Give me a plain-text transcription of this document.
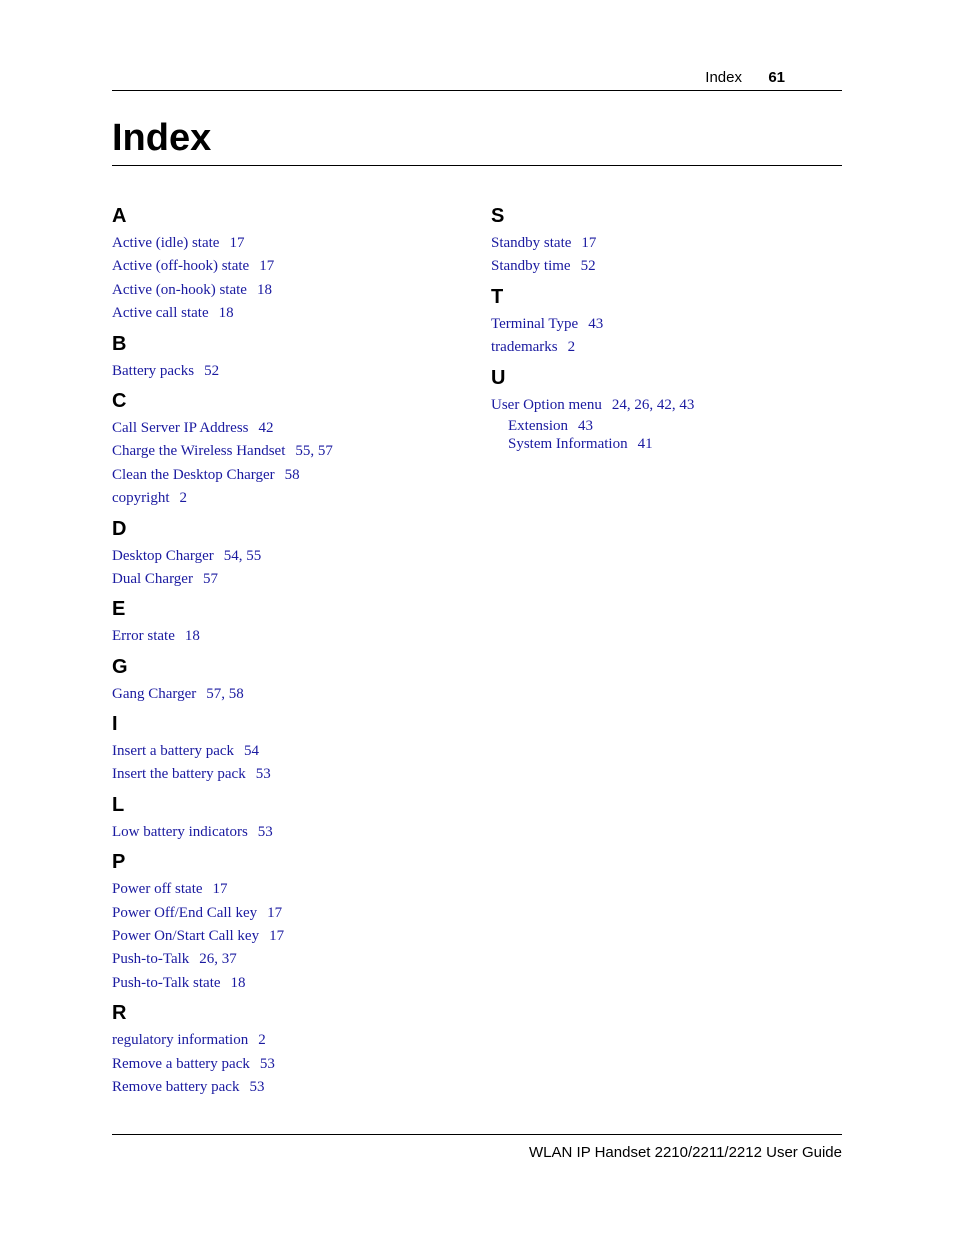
Index 61
Index
A
Active (idle) state 17
Active (off-hook) state 17
Active (on-hook) state 18
Active call state 18
B
Battery packs 52
C
Call Server IP Address 42
Charge the Wireless Handset 55, 57
Clean the Desktop Charger 58
copyright 2
D
Desktop Charger 54, 55
Dual Charger 57
E
Error state 18
G
Gang Charger 57, 58
I
Insert a battery pack 54
Insert the battery pack 53
L
Low battery indicators 53
P
Power off state 17
Power Off/End Call key 17
Power On/Start Call key 17
Push-to-Talk 26, 37
Push-to-Talk state 18
R
regulatory information 2
Remove a battery pack 53
Remove battery pack 53
S
Standby state 17
Standby time 52
T
Terminal Type 43
trademarks 2
U
User Option menu 24, 26, 42, 43
Extension 43
System Information 41
WLAN IP Handset 2210/2211/2212 User Guide
